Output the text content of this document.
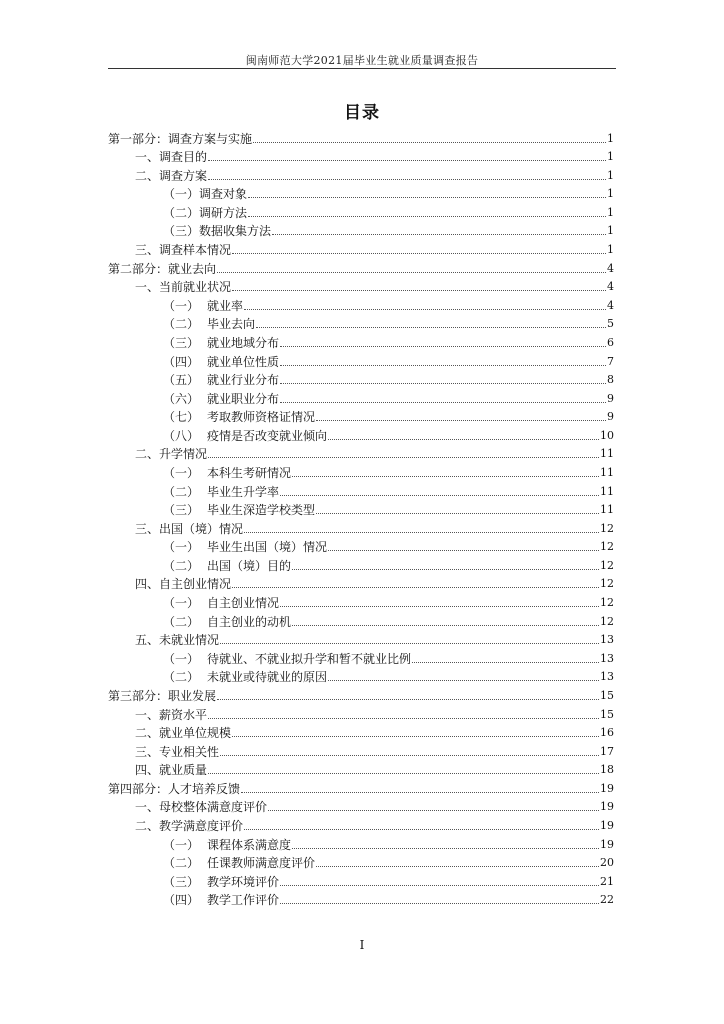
闽南师范大学2021届毕业生就业质量调查报告
目录
第一部分：调查方案与实施	1
一、调查目的	1
二、调查方案	1
（一）调查对象	1
（二）调研方法	1
（三）数据收集方法	1
三、调查样本情况	1
第二部分：就业去向	4
一、当前就业状况	4
（一） 就业率	4
（二） 毕业去向	5
（三） 就业地域分布	6
（四） 就业单位性质	7
（五） 就业行业分布	8
（六） 就业职业分布	9
（七） 考取教师资格证情况	9
（八） 疫情是否改变就业倾向	10
二、升学情况	11
（一） 本科生考研情况	11
（二） 毕业生升学率	11
（三） 毕业生深造学校类型	11
三、出国（境）情况	12
（一） 毕业生出国（境）情况	12
（二） 出国（境）目的	12
四、自主创业情况	12
（一） 自主创业情况	12
（二） 自主创业的动机	12
五、未就业情况	13
（一） 待就业、不就业拟升学和暂不就业比例	13
（二） 未就业或待就业的原因	13
第三部分：职业发展	15
一、薪资水平	15
二、就业单位规模	16
三、专业相关性	17
四、就业质量	18
第四部分：人才培养反馈	19
一、母校整体满意度评价	19
二、教学满意度评价	19
（一） 课程体系满意度	19
（二） 任课教师满意度评价	20
（三） 教学环境评价	21
（四） 教学工作评价	22
I
